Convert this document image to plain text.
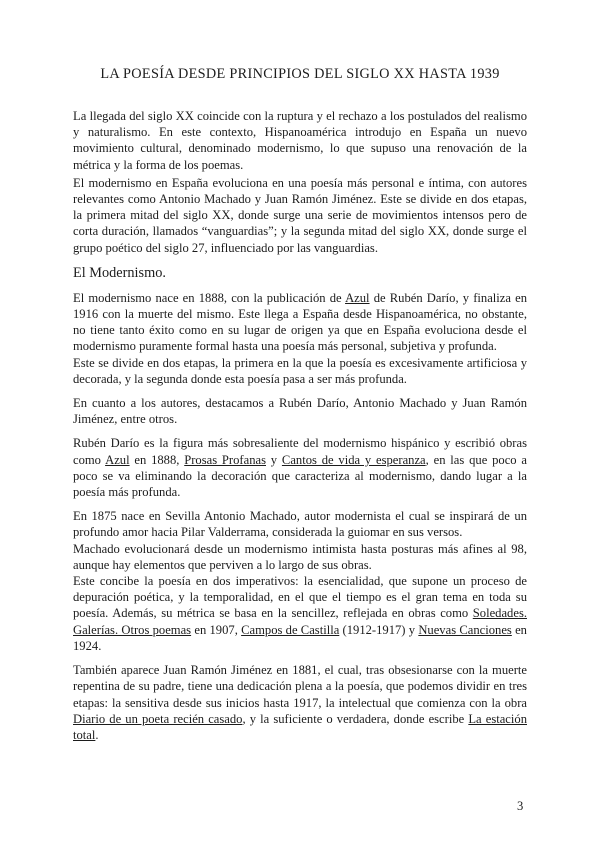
LA POESÍA DESDE PRINCIPIOS DEL SIGLO XX HASTA 1939

La llegada del siglo XX coincide con la ruptura y el rechazo a los postulados del realismo y naturalismo. En este contexto, Hispanoamérica introdujo en España un nuevo movimiento cultural, denominado modernismo, lo que supuso una renovación de la métrica y la forma de los poemas.

El modernismo en España evoluciona en una poesía más personal e íntima, con autores relevantes como Antonio Machado y Juan Ramón Jiménez. Este se divide en dos etapas, la primera mitad del siglo XX, donde surge una serie de movimientos intensos pero de corta duración, llamados “vanguardias”; y la segunda mitad del siglo XX, donde surge el grupo poético del siglo 27, influenciado por las vanguardias.

El Modernismo.

El modernismo nace en 1888, con la publicación de Azul de Rubén Darío, y finaliza en 1916 con la muerte del mismo. Este llega a España desde Hispanoamérica, no obstante, no tiene tanto éxito como en su lugar de origen ya que en España evoluciona desde el modernismo puramente formal hasta una poesía más personal, subjetiva y profunda.

Este se divide en dos etapas, la primera en la que la poesía es excesivamente artificiosa y decorada, y la segunda donde esta poesía pasa a ser más profunda.

En cuanto a los autores, destacamos a Rubén Darío, Antonio Machado y Juan Ramón Jiménez, entre otros.

Rubén Darío es la figura más sobresaliente del modernismo hispánico y escribió obras como Azul en 1888, Prosas Profanas y Cantos de vida y esperanza, en las que poco a poco se va eliminando la decoración que caracteriza al modernismo, dando lugar a la poesía más profunda.

En 1875 nace en Sevilla Antonio Machado, autor modernista el cual se inspirará de un profundo amor hacia Pilar Valderrama, considerada la guiomar en sus versos.

Machado evolucionará desde un modernismo intimista hasta posturas más afines al 98, aunque hay elementos que perviven a lo largo de sus obras.

Este concibe la poesía en dos imperativos: la esencialidad, que supone un proceso de depuración poética, y la temporalidad, en el que el tiempo es el gran tema en toda su poesía. Además, su métrica se basa en la sencillez, reflejada en obras como Soledades. Galerías. Otros poemas en 1907, Campos de Castilla (1912-1917) y Nuevas Canciones en 1924.

También aparece Juan Ramón Jiménez en 1881, el cual, tras obsesionarse con la muerte repentina de su padre, tiene una dedicación plena a la poesía, que podemos dividir en tres etapas: la sensitiva desde sus inicios hasta 1917, la intelectual que comienza con la obra Diario de un poeta recién casado, y la suficiente o verdadera, donde escribe La estación total.

3
